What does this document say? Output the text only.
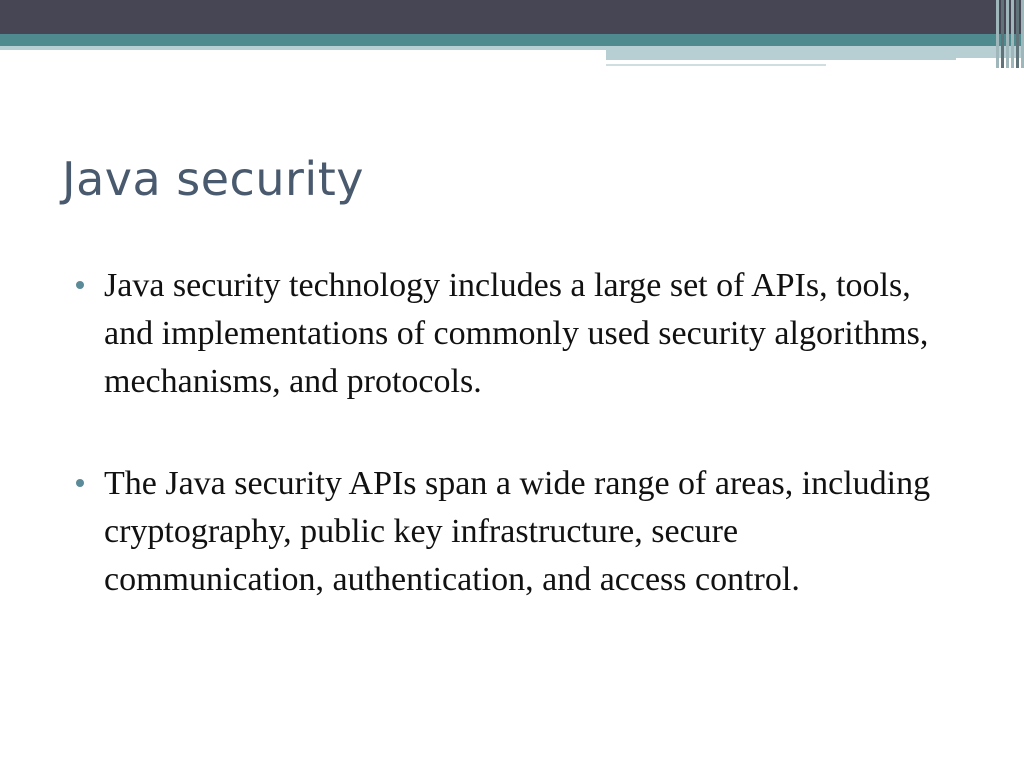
Java security
Java security technology includes a large set of APIs, tools, and implementations of commonly used security algorithms, mechanisms, and protocols.
The Java security APIs span a wide range of areas, including cryptography, public key infrastructure, secure communication, authentication, and access control.
